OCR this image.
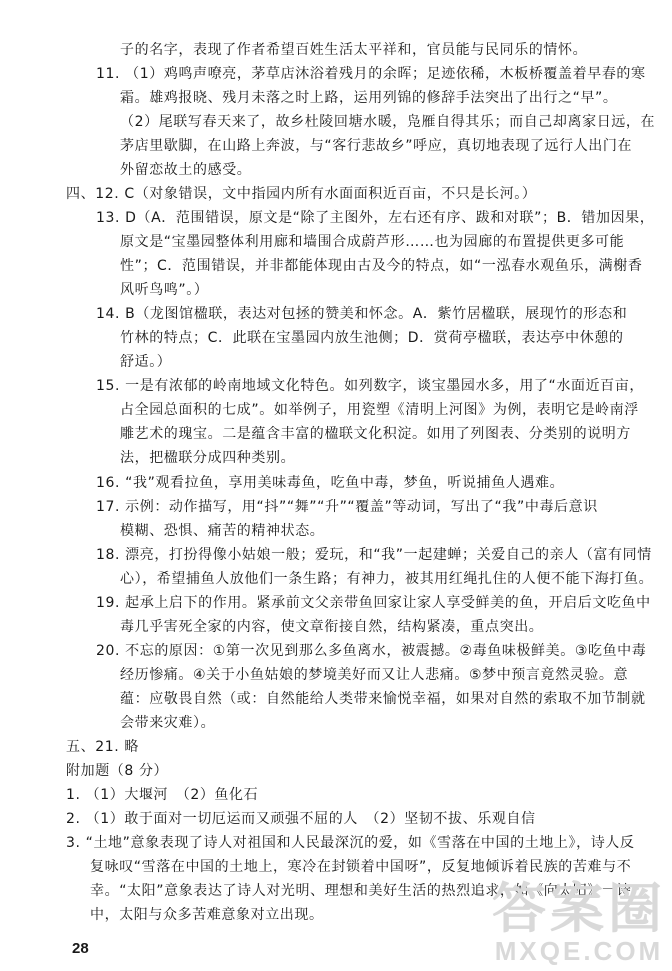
子的名字，表现了作者希望百姓生活太平祥和，官员能与民同乐的情怀。
11. （1）鸡鸣声嘹亮，茅草店沐浴着残月的余晖；足迹依稀，木板桥覆盖着早春的寒
霜。雄鸡报晓、残月未落之时上路，运用列锦的修辞手法突出了出行之“早”。
（2）尾联写春天来了，故乡杜陵回塘水暖，凫雁自得其乐；而自己却离家日远，在
茅店里歇脚，在山路上奔波，与“客行悲故乡”呼应，真切地表现了远行人出门在
外留恋故土的感受。
四、12. C（对象错误，文中指园内所有水面面积近百亩，不只是长河。）
13. D（A．范围错误，原文是“除了主图外，左右还有序、跋和对联”；B．错加因果，
原文是“宝墨园整体利用廊和墙围合成蔚芦形……也为园廊的布置提供更多可能
性”；C．范围错误，并非都能体现由古及今的特点，如“一泓春水观鱼乐，满榭香
风听鸟鸣”。）
14. B（龙图馆楹联，表达对包拯的赞美和怀念。A．紫竹居楹联，展现竹的形态和
竹林的特点；C．此联在宝墨园内放生池侧；D．赏荷亭楹联，表达亭中休憩的
舒适。）
15. 一是有浓郁的岭南地域文化特色。如列数字，谈宝墨园水多，用了“水面近百亩，
占全园总面积的七成”。如举例子，用瓷塑《清明上河图》为例，表明它是岭南浮
雕艺术的瑰宝。二是蕴含丰富的楹联文化积淀。如用了列图表、分类别的说明方
法，把楹联分成四种类别。
16. “我”观看拉鱼，享用美味毒鱼，吃鱼中毒，梦鱼，听说捕鱼人遇难。
17. 示例：动作描写，用“抖”“舞”“升”“覆盖”等动词，写出了“我”中毒后意识
模糊、恐惧、痛苦的精神状态。
18. 漂亮，打扮得像小姑娘一般；爱玩，和“我”一起建蝉；关爱自己的亲人（富有同情
心），希望捕鱼人放他们一条生路；有神力，被其用红绳扎住的人便不能下海打鱼。
19. 起承上启下的作用。紧承前文父亲带鱼回家让家人享受鲜美的鱼，开启后文吃鱼中
毒几乎害死全家的内容，使文章衔接自然，结构紧凑，重点突出。
20. 不忘的原因：①第一次见到那么多鱼离水，被震撼。②毒鱼味极鲜美。③吃鱼中毒
经历惨痛。④关于小鱼姑娘的梦境美好而又让人悲痛。⑤梦中预言竟然灵验。意
蕴：应敬畏自然（或：自然能给人类带来愉悦幸福，如果对自然的索取不加节制就
会带来灾难）。
五、21. 略
附加题（8 分）
1. （1）大堰河　（2）鱼化石
2. （1）敢于面对一切厄运而又顽强不屈的人　（2）坚韧不拔、乐观自信
3. “土地”意象表现了诗人对祖国和人民最深沉的爱，如《雪落在中国的土地上》，诗人反
复咏叹“雪落在中国的土地上，寒冷在封锁着中国呀”，反复地倾诉着民族的苦难与不
幸。“太阳”意象表达了诗人对光明、理想和美好生活的热烈追求，如《向太阳》一诗
中，太阳与众多苦难意象对立出现。
28
答案圈
MXQE.COM
